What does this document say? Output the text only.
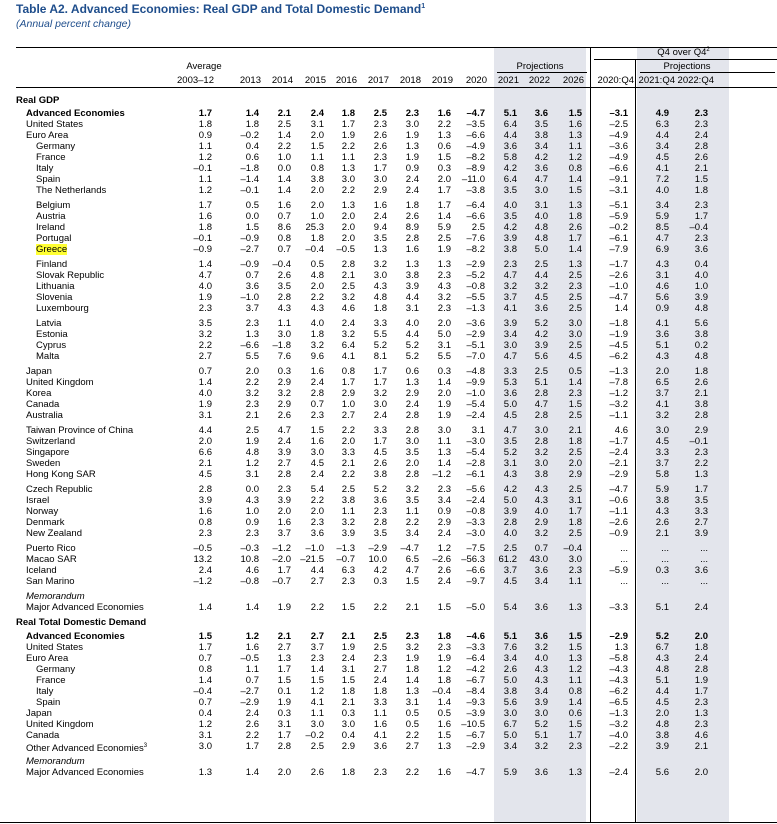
Table A2. Advanced Economies: Real GDP and Total Domestic Demand$^1$
(Annual percent change)
Q4 over $Q4^2$
Projections	Projections
Average
2003–12	2013	2014	2015	2016	2017	2018	2019	2020	2021	2022	2026	2020:Q4 2021:Q4 2022:Q4
Real GDP
Advanced Economies	1.7	1.4	2.1	2.4	1.8	2.5	2.3	1.6	–4.7	5.1	3.6	1.5	–3.1	4.9	2.3
United States	1.8	1.8	2.5	3.1	1.7	2.3	3.0	2.2	–3.5	6.4	3.5	1.6	–2.5	6.3	2.3
Euro Area	0.9	–0.2	1.4	2.0	1.9	2.6	1.9	1.3	–6.6	4.4	3.8	1.3	–4.9	4.4	2.4
Germany	1.1	0.4	2.2	1.5	2.2	2.6	1.3	0.6	–4.9	3.6	3.4	1.1	–3.6	3.4	2.8
France	1.2	0.6	1.0	1.1	1.1	2.3	1.9	1.5	–8.2	5.8	4.2	1.2	–4.9	4.5	2.6
Italy	–0.1	–1.8	0.0	0.8	1.3	1.7	0.9	0.3	–8.9	4.2	3.6	0.8	–6.6	4.1	2.1
Spain	1.1	–1.4	1.4	3.8	3.0	3.0	2.4	2.0	–11.0	6.4	4.7	1.4	–9.1	7.2	1.5
The Netherlands	1.2	–0.1	1.4	2.0	2.2	2.9	2.4	1.7	–3.8	3.5	3.0	1.5	–3.1	4.0	1.8
Belgium	1.7	0.5	1.6	2.0	1.3	1.6	1.8	1.7	–6.4	4.0	3.1	1.3	–5.1	3.4	2.3
Austria	1.6	0.0	0.7	1.0	2.0	2.4	2.6	1.4	–6.6	3.5	4.0	1.8	–5.9	5.9	1.7
Ireland	1.8	1.5	8.6	25.3	2.0	9.4	8.9	5.9	2.5	4.2	4.8	2.6	–0.2	8.5	–0.4
Portugal	–0.1	–0.9	0.8	1.8	2.0	3.5	2.8	2.5	–7.6	3.9	4.8	1.7	–6.1	4.7	2.3
Greece	–0.9	–2.7	0.7	–0.4	–0.5	1.3	1.6	1.9	–8.2	3.8	5.0	1.4	–7.9	6.9	3.6
Finland	1.4	–0.9	–0.4	0.5	2.8	3.2	1.3	1.3	–2.9	2.3	2.5	1.3	–1.7	4.3	0.4
Slovak Republic	4.7	0.7	2.6	4.8	2.1	3.0	3.8	2.3	–5.2	4.7	4.4	2.5	–2.6	3.1	4.0
Lithuania	4.0	3.6	3.5	2.0	2.5	4.3	3.9	4.3	–0.8	3.2	3.2	2.3	–1.0	4.6	1.0
Slovenia	1.9	–1.0	2.8	2.2	3.2	4.8	4.4	3.2	–5.5	3.7	4.5	2.5	–4.7	5.6	3.9
Luxembourg	2.3	3.7	4.3	4.3	4.6	1.8	3.1	2.3	–1.3	4.1	3.6	2.5	1.4	0.9	4.8
Latvia	3.5	2.3	1.1	4.0	2.4	3.3	4.0	2.0	–3.6	3.9	5.2	3.0	–1.8	4.1	5.6
Estonia	3.2	1.3	3.0	1.8	3.2	5.5	4.4	5.0	–2.9	3.4	4.2	3.0	–1.9	3.6	3.8
Cyprus	2.2	–6.6	–1.8	3.2	6.4	5.2	5.2	3.1	–5.1	3.0	3.9	2.5	–4.5	5.1	0.2
Malta	2.7	5.5	7.6	9.6	4.1	8.1	5.2	5.5	–7.0	4.7	5.6	4.5	–6.2	4.3	4.8
Japan	0.7	2.0	0.3	1.6	0.8	1.7	0.6	0.3	–4.8	3.3	2.5	0.5	–1.3	2.0	1.8
United Kingdom	1.4	2.2	2.9	2.4	1.7	1.7	1.3	1.4	–9.9	5.3	5.1	1.4	–7.8	6.5	2.6
Korea	4.0	3.2	3.2	2.8	2.9	3.2	2.9	2.0	–1.0	3.6	2.8	2.3	–1.2	3.7	2.1
Canada	1.9	2.3	2.9	0.7	1.0	3.0	2.4	1.9	–5.4	5.0	4.7	1.5	–3.2	4.1	3.8
Australia	3.1	2.1	2.6	2.3	2.7	2.4	2.8	1.9	–2.4	4.5	2.8	2.5	–1.1	3.2	2.8
Taiwan Province of China	4.4	2.5	4.7	1.5	2.2	3.3	2.8	3.0	3.1	4.7	3.0	2.1	4.6	3.0	2.9
Switzerland	2.0	1.9	2.4	1.6	2.0	1.7	3.0	1.1	–3.0	3.5	2.8	1.8	–1.7	4.5	–0.1
Singapore	6.6	4.8	3.9	3.0	3.3	4.5	3.5	1.3	–5.4	5.2	3.2	2.5	–2.4	3.3	2.3
Sweden	2.1	1.2	2.7	4.5	2.1	2.6	2.0	1.4	–2.8	3.1	3.0	2.0	–2.1	3.7	2.2
Hong Kong SAR	4.5	3.1	2.8	2.4	2.2	3.8	2.8	–1.2	–6.1	4.3	3.8	2.9	–2.9	5.8	1.3
Czech Republic	2.8	0.0	2.3	5.4	2.5	5.2	3.2	2.3	–5.6	4.2	4.3	2.5	–4.7	5.9	1.7
Israel	3.9	4.3	3.9	2.2	3.8	3.6	3.5	3.4	–2.4	5.0	4.3	3.1	–0.6	3.8	3.5
Norway	1.6	1.0	2.0	2.0	1.1	2.3	1.1	0.9	–0.8	3.9	4.0	1.7	–1.1	4.3	3.3
Denmark	0.8	0.9	1.6	2.3	3.2	2.8	2.2	2.9	–3.3	2.8	2.9	1.8	–2.6	2.6	2.7
New Zealand	2.3	2.3	3.7	3.6	3.9	3.5	3.4	2.4	–3.0	4.0	3.2	2.5	–0.9	2.1	3.9
Puerto Rico	–0.5	–0.3	–1.2	–1.0	–1.3	–2.9	–4.7	1.2	–7.5	2.5	0.7	–0.4	...	...	...
Macao SAR	13.2	10.8	–2.0 –21.5	–0.7	10.0	6.5	–2.6	–56.3	61.2	43.0	3.0	...	...	...
Iceland	2.4	4.6	1.7	4.4	6.3	4.2	4.7	2.6	–6.6	3.7	3.6	2.3	–5.9	0.3	3.6
San Marino	–1.2	–0.8	–0.7	2.7	2.3	0.3	1.5	2.4	–9.7	4.5	3.4	1.1	...	...	...
Memorandum
Major Advanced Economies	1.4	1.4	1.9	2.2	1.5	2.2	2.1	1.5	–5.0	5.4	3.6	1.3	–3.3	5.1	2.4
Real Total Domestic Demand
Advanced Economies	1.5	1.2	2.1	2.7	2.1	2.5	2.3	1.8	–4.6	5.1	3.6	1.5	–2.9	5.2	2.0
United States	1.7	1.6	2.7	3.7	1.9	2.5	3.2	2.3	–3.3	7.6	3.2	1.5	1.3	6.7	1.8
Euro Area	0.7	–0.5	1.3	2.3	2.4	2.3	1.9	1.9	–6.4	3.4	4.0	1.3	–5.8	4.3	2.4
Germany	0.8	1.1	1.7	1.4	3.1	2.7	1.8	1.2	–4.2	2.6	4.3	1.2	–4.3	4.8	2.8
France	1.4	0.7	1.5	1.5	1.5	2.4	1.4	1.8	–6.7	5.0	4.3	1.1	–4.3	5.1	1.9
Italy	–0.4	–2.7	0.1	1.2	1.8	1.8	1.3	–0.4	–8.4	3.8	3.4	0.8	–6.2	4.4	1.7
Spain	0.7	–2.9	1.9	4.1	2.1	3.3	3.1	1.4	–9.3	5.6	3.9	1.4	–6.5	4.5	2.3
Japan	0.4	2.4	0.3	1.1	0.3	1.1	0.5	0.5	–3.9	3.0	3.0	0.6	–1.3	2.0	1.3
United Kingdom	1.2	2.6	3.1	3.0	3.0	1.6	0.5	1.6	–10.5	6.7	5.2	1.5	–3.2	4.8	2.3
Canada	3.1	2.2	1.7	–0.2	0.4	4.1	2.2	1.5	–6.7	5.0	5.1	1.7	–4.0	3.8	4.6
Other Advanced Economies$^3$	3.0	1.7	2.8	2.5	2.9	3.6	2.7	1.3	–2.9	3.4	3.2	2.3	–2.2	3.9	2.1
Memorandum
Major Advanced Economies	1.3	1.4	2.0	2.6	1.8	2.3	2.2	1.6	–4.7	5.9	3.6	1.3	–2.4	5.6	2.0
